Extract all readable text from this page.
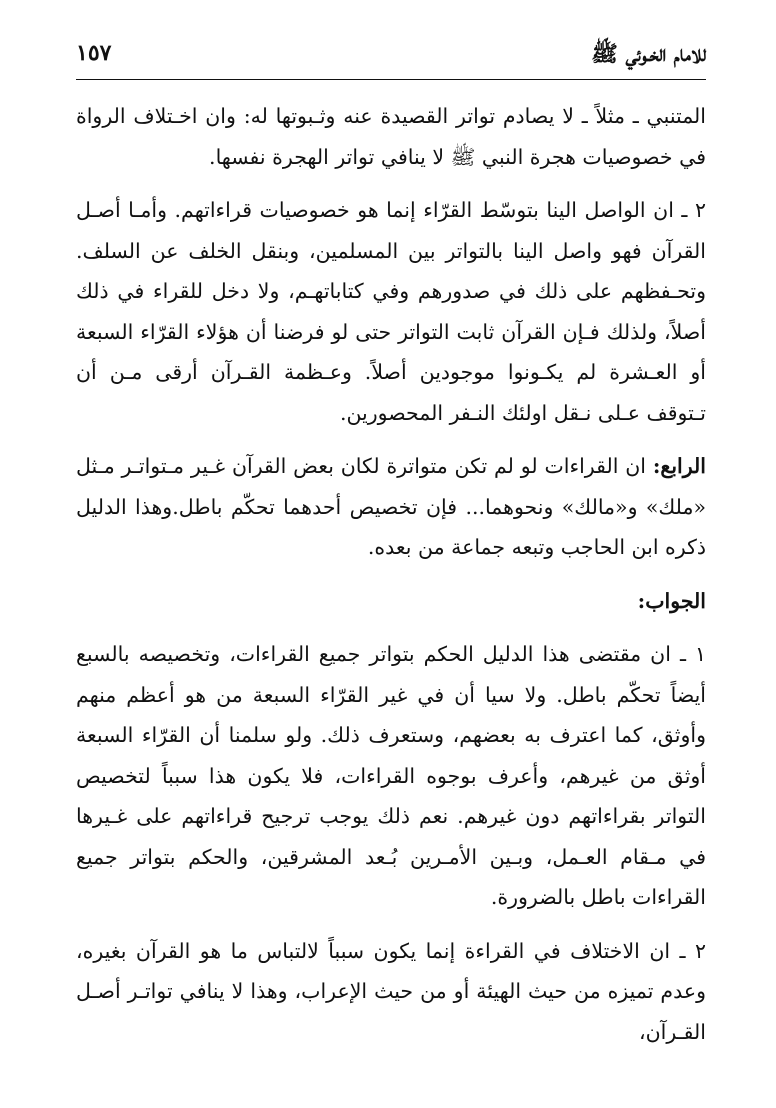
للامام الخـوئي ﷺ
١٥٧

المتنبي ـ مثلاً ـ لا يصادم تواتر القصيدة عنه وثـبوتها له: وان اخـتلاف الرواة في خصوصيات هجرة النبي ﷺ لا ينافي تواتر الهجرة نفسها.

٢ ـ ان الواصل الينا بتوسّط القرّاء إنما هو خصوصيات قراءاتهم. وأمـا أصـل القرآن فهو واصل الينا بالتواتر بين المسلمين، وبنقل الخلف عن السلف. وتحـفظهم على ذلك في صدورهم وفي كتاباتهـم، ولا دخل للقراء في ذلك أصلاً، ولذلك فـإن القرآن ثابت التواتر حتى لو فرضنا أن هؤلاء القرّاء السبعة أو العـشرة لم يكـونوا موجودين أصلاً. وعـظمة القـرآن أرقى مـن أن تـتوقف عـلى نـقل اولئك النـفر المحصورين.

الرابع: ان القراءات لو لم تكن متواترة لكان بعض القرآن غـير مـتواتـر مـثل «ملك» و«مالك» ونحوهما... فإن تخصيص أحدهما تحكّم باطل.وهذا الدليل ذكره ابن الحاجب وتبعه جماعة من بعده.

الجواب:

١ ـ ان مقتضى هذا الدليل الحكم بتواتر جميع القراءات، وتخصيصه بالسبع أيضاً تحكّم باطل. ولا سيا أن في غير القرّاء السبعة من هو أعظم منهم وأوثق، كما اعترف به بعضهم، وستعرف ذلك. ولو سلمنا أن القرّاء السبعة أوثق من غيرهم، وأعرف بوجوه القراءات، فلا يكون هذا سبباً لتخصيص التواتر بقراءاتهم دون غيرهم. نعم ذلك يوجب ترجيح قراءاتهم على غـيرها في مـقام العـمل، وبـين الأمـرين بُـعد المشرقين، والحكم بتواتر جميع القراءات باطل بالضرورة.

٢ ـ ان الاختلاف في القراءة إنما يكون سبباً لالتباس ما هو القرآن بغيره، وعدم تميزه من حيث الهيئة أو من حيث الإعراب، وهذا لا ينافي تواتـر أصـل القـرآن،
